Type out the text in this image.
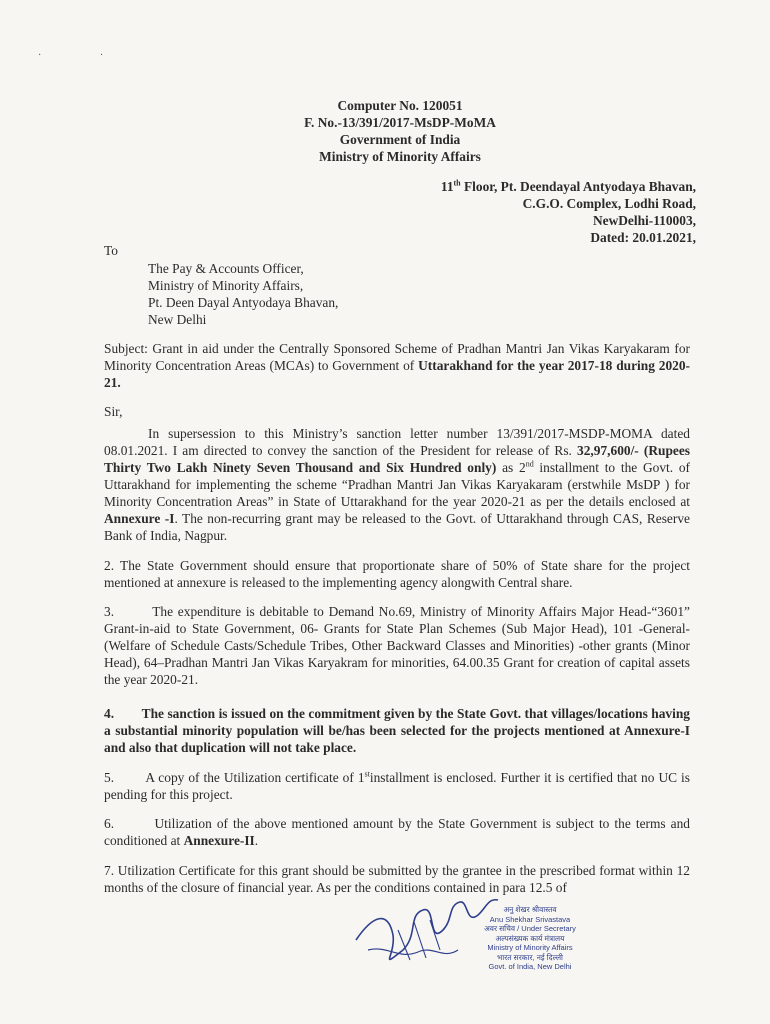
· ·
Computer No. 120051
F. No.-13/391/2017-MsDP-MoMA
Government of India
Ministry of Minority Affairs
11th Floor, Pt. Deendayal Antyodaya Bhavan,
C.G.O. Complex, Lodhi Road,
NewDelhi-110003,
Dated: 20.01.2021,
To
The Pay & Accounts Officer,
Ministry of Minority Affairs,
Pt. Deen Dayal Antyodaya Bhavan,
New Delhi
Subject: Grant in aid under the Centrally Sponsored Scheme of Pradhan Mantri Jan Vikas Karyakaram for Minority Concentration Areas (MCAs) to Government of Uttarakhand for the year 2017-18 during 2020-21.
Sir,
In supersession to this Ministry’s sanction letter number 13/391/2017-MSDP-MOMA dated 08.01.2021. I am directed to convey the sanction of the President for release of Rs. 32,97,600/- (Rupees Thirty Two Lakh Ninety Seven Thousand and Six Hundred only) as 2nd installment to the Govt. of Uttarakhand for implementing the scheme “Pradhan Mantri Jan Vikas Karyakaram (erstwhile MsDP ) for Minority Concentration Areas” in State of Uttarakhand for the year 2020-21 as per the details enclosed at Annexure -I. The non-recurring grant may be released to the Govt. of Uttarakhand through CAS, Reserve Bank of India, Nagpur.
2. The State Government should ensure that proportionate share of 50% of State share for the project mentioned at annexure is released to the implementing agency alongwith Central share.
3.        The expenditure is debitable to Demand No.69, Ministry of Minority Affairs Major Head-“3601” Grant-in-aid to State Government, 06- Grants for State Plan Schemes (Sub Major Head), 101 -General-(Welfare of Schedule Casts/Schedule Tribes, Other Backward Classes and Minorities) -other grants (Minor Head), 64–Pradhan Mantri Jan Vikas Karyakram for minorities, 64.00.35 Grant for creation of capital assets the year 2020-21.
4.        The sanction is issued on the commitment given by the State Govt. that villages/locations having a substantial minority population will be/has been selected for the projects mentioned at Annexure-I and also that duplication will not take place.
5.        A copy of the Utilization certificate of 1stinstallment is enclosed. Further it is certified that no UC is pending for this project.
6.        Utilization of the above mentioned amount by the State Government is subject to the terms and conditioned at Annexure-II.
7. Utilization Certificate for this grant should be submitted by the grantee in the prescribed format within 12 months of the closure of financial year. As per the conditions contained in para 12.5 of
अनु शेखर श्रीवास्तव
Anu Shekhar Srivastava
अवर सचिव / Under Secretary
अल्पसंख्यक कार्य मंत्रालय
Ministry of Minority Affairs
भारत सरकार, नई दिल्ली
Govt. of India, New Delhi
